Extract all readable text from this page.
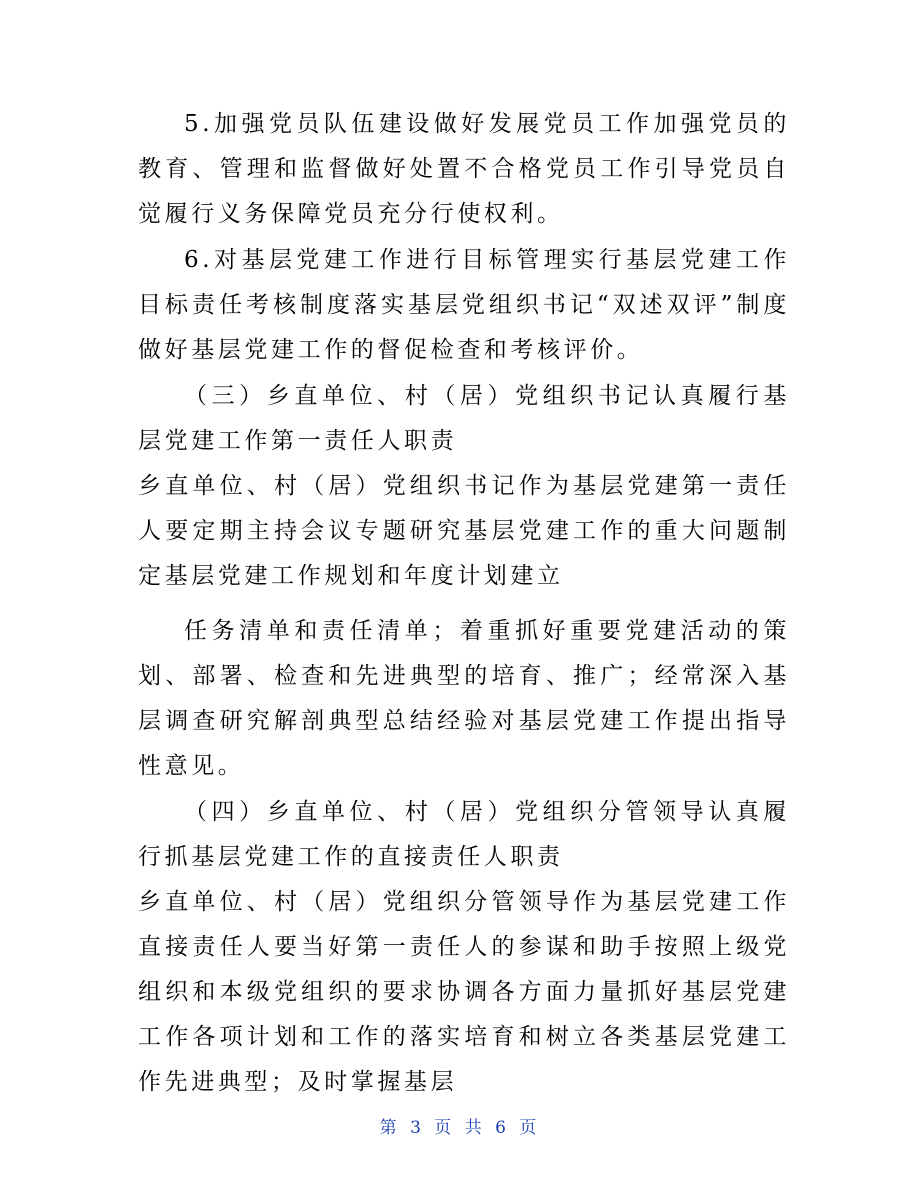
5.加强党员队伍建设做好发展党员工作加强党员的教育、管理和监督做好处置不合格党员工作引导党员自觉履行义务保障党员充分行使权利。

6.对基层党建工作进行目标管理实行基层党建工作目标责任考核制度落实基层党组织书记“双述双评”制度做好基层党建工作的督促检查和考核评价。

（三）乡直单位、村（居）党组织书记认真履行基层党建工作第一责任人职责

乡直单位、村（居）党组织书记作为基层党建第一责任人要定期主持会议专题研究基层党建工作的重大问题制定基层党建工作规划和年度计划建立

任务清单和责任清单；着重抓好重要党建活动的策划、部署、检查和先进典型的培育、推广；经常深入基层调查研究解剖典型总结经验对基层党建工作提出指导性意见。

（四）乡直单位、村（居）党组织分管领导认真履行抓基层党建工作的直接责任人职责

乡直单位、村（居）党组织分管领导作为基层党建工作直接责任人要当好第一责任人的参谋和助手按照上级党组织和本级党组织的要求协调各方面力量抓好基层党建工作各项计划和工作的落实培育和树立各类基层党建工作先进典型；及时掌握基层

第 3 页 共 6 页
